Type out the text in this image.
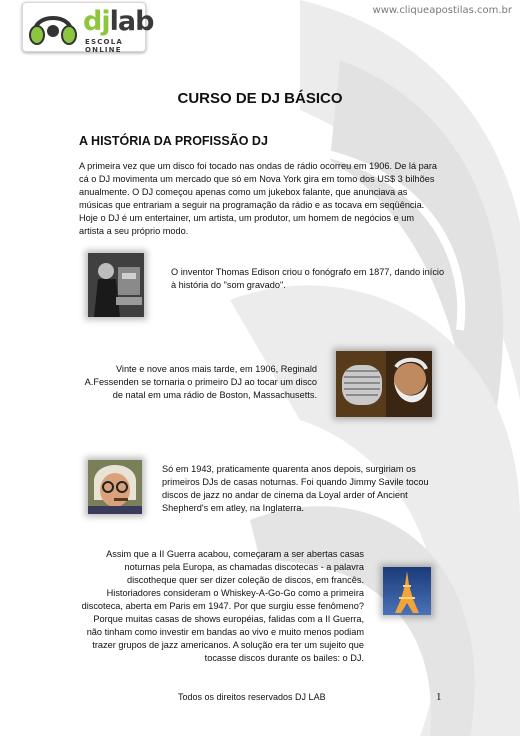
www.cliqueapostilas.com.br
djlab
ESCOLA ONLINE
CURSO DE DJ BÁSICO
A HISTÓRIA DA PROFISSÃO DJ

A primeira vez que um disco foi tocado nas ondas de rádio ocorreu em 1906. De lá para cá o DJ movimenta um mercado que só em Nova York gira em tomo dos US$ 3 bilhões anualmente. O DJ começou apenas como um jukebox falante, que anunciava as músicas que entrariam a seguir na programação da rádio e as tocava em seqüência. Hoje o DJ é um entertainer, um artista, um produtor, um homem de negócios e um artista a seu próprio modo.

O inventor Thomas Edison criou o fonógrafo em 1877, dando início à história do "som gravado".

Vinte e nove anos mais tarde, em 1906, Reginald A.Fessenden se tornaria o primeiro DJ ao tocar um disco de natal em uma rádio de Boston, Massachusetts.

Só em 1943, praticamente quarenta anos depois, surgiriam os primeiros DJs de casas noturnas. Foi quando Jimmy Savile tocou discos de jazz no andar de cinema da Loyal arder of Ancient Shepherd's em atley, na Inglaterra.

Assim que a II Guerra acabou, começaram a ser abertas casas noturnas pela Europa, as chamadas discotecas - a palavra discotheque quer ser dizer coleção de discos, em francês. Historiadores consideram o Whiskey-A-Go-Go como a primeira discoteca, aberta em Paris em 1947. Por que surgiu esse fenômeno? Porque muitas casas de shows européias, falidas com a II Guerra, não tinham como investir em bandas ao vivo e muito menos podiam trazer grupos de jazz americanos. A solução era ter um sujeito que tocasse discos durante os bailes: o DJ.

Todos os direitos reservados DJ LAB	1
